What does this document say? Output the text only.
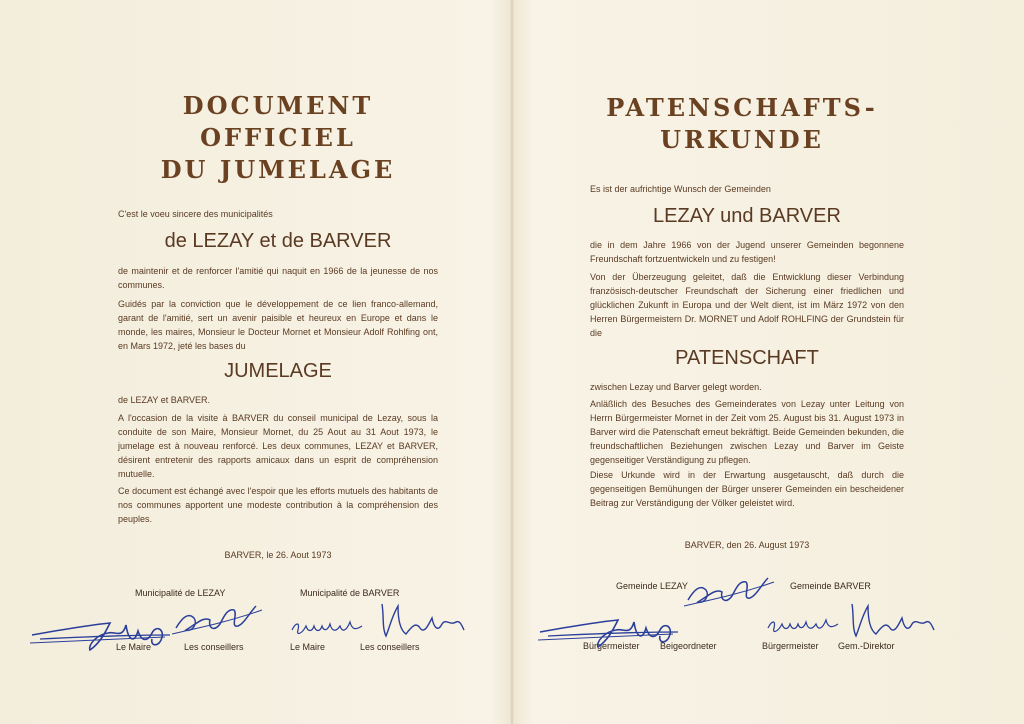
DOCUMENT
OFFICIEL
DU JUMELAGE
C'est le voeu sincere des municipalités
de LEZAY et de BARVER
de maintenir et de renforcer l'amitié qui naquit en 1966 de la jeunesse de nos communes.
Guidés par la conviction que le développement de ce lien franco-allemand, garant de l'amitié, sert un avenir paisible et heureux en Europe et dans le monde, les maires, Monsieur le Docteur Mornet et Monsieur Adolf Rohlfing ont, en Mars 1972, jeté les bases du
JUMELAGE
de LEZAY et BARVER.
A l'occasion de la visite à BARVER du conseil municipal de Lezay, sous la conduite de son Maire, Monsieur Mornet, du 25 Aout au 31 Aout 1973, le jumelage est à nouveau renforcé. Les deux communes, LEZAY et BARVER, désirent entretenir des rapports amicaux dans un esprit de compréhension mutuelle.
Ce document est échangé avec l'espoir que les efforts mutuels des habitants de nos communes apportent une modeste contribution à la compréhension des peuples.
BARVER, le 26. Aout 1973
Municipalité de LEZAY	Municipalité de BARVER
Le Maire	Les conseillers	Le Maire	Les conseillers
PATENSCHAFTS-
URKUNDE
Es ist der aufrichtige Wunsch der Gemeinden
LEZAY und BARVER
die in dem Jahre 1966 von der Jugend unserer Gemeinden begonnene Freundschaft fortzuentwickeln und zu festigen!
Von der Überzeugung geleitet, daß die Entwicklung dieser Verbindung französisch-deutscher Freundschaft der Sicherung einer friedlichen und glücklichen Zukunft in Europa und der Welt dient, ist im März 1972 von den Herren Bürgermeistern Dr. MORNET und Adolf ROHLFING der Grundstein für die
PATENSCHAFT
zwischen Lezay und Barver gelegt worden.
Anläßlich des Besuches des Gemeinderates von Lezay unter Leitung von Herrn Bürgermeister Mornet in der Zeit vom 25. August bis 31. August 1973 in Barver wird die Patenschaft erneut bekräftigt. Beide Gemeinden bekunden, die freundschaftlichen Beziehungen zwischen Lezay und Barver im Geiste gegenseitiger Verständigung zu pflegen.
Diese Urkunde wird in der Erwartung ausgetauscht, daß durch die gegenseitigen Bemühungen der Bürger unserer Gemeinden ein bescheidener Beitrag zur Verständigung der Völker geleistet wird.
BARVER, den 26. August 1973
Gemeinde LEZAY	Gemeinde BARVER
Bürgermeister Beigeordneter	Bürgermeister Gem.-Direktor
